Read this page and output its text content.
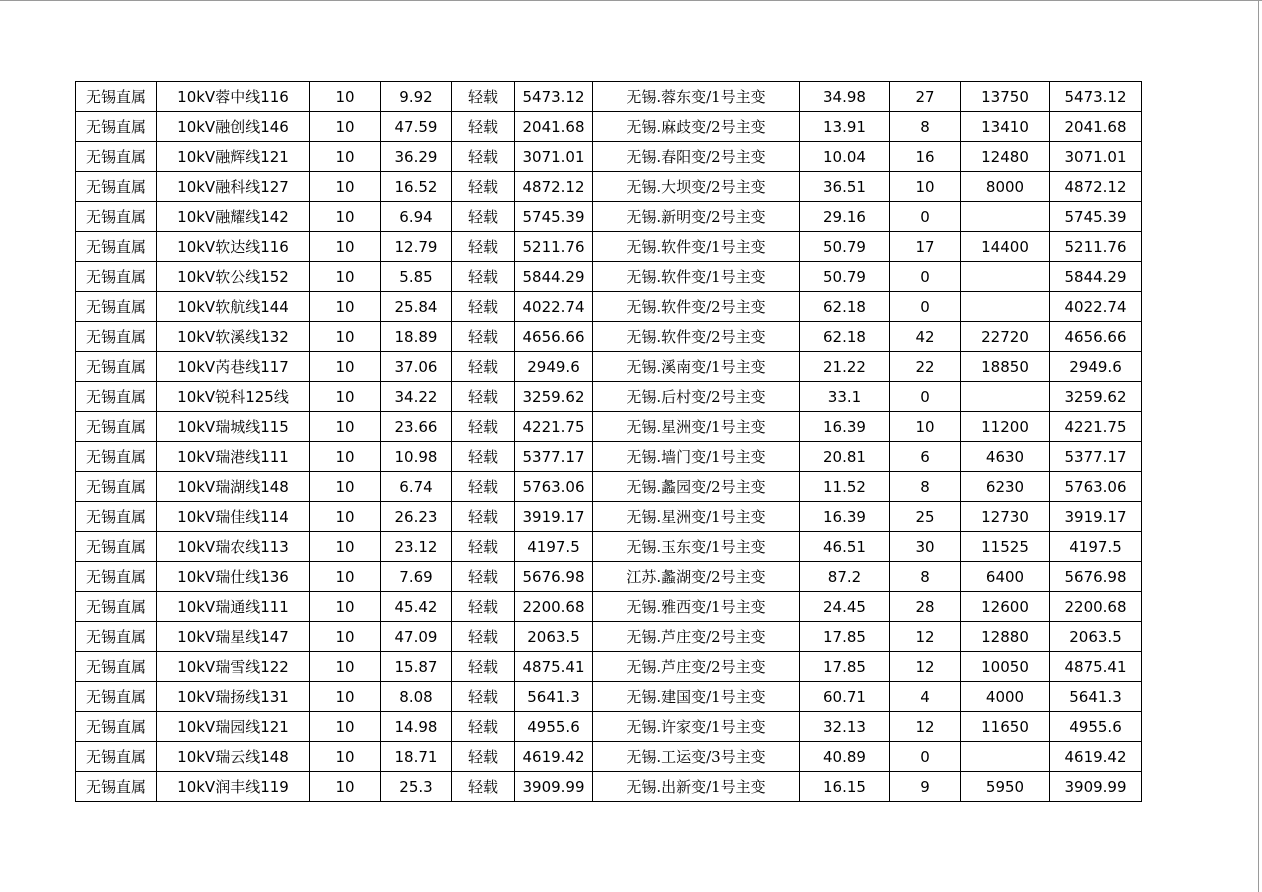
无锡直属	10kV蓉中线116	10	9.92	轻载	5473.12	无锡.蓉东变/1号主变	34.98	27	13750	5473.12
无锡直属	10kV融创线146	10	47.59	轻载	2041.68	无锡.麻歧变/2号主变	13.91	8	13410	2041.68
无锡直属	10kV融辉线121	10	36.29	轻载	3071.01	无锡.春阳变/2号主变	10.04	16	12480	3071.01
无锡直属	10kV融科线127	10	16.52	轻载	4872.12	无锡.大坝变/2号主变	36.51	10	8000	4872.12
无锡直属	10kV融耀线142	10	6.94	轻载	5745.39	无锡.新明变/2号主变	29.16	0		5745.39
无锡直属	10kV软达线116	10	12.79	轻载	5211.76	无锡.软件变/1号主变	50.79	17	14400	5211.76
无锡直属	10kV软公线152	10	5.85	轻载	5844.29	无锡.软件变/1号主变	50.79	0		5844.29
无锡直属	10kV软航线144	10	25.84	轻载	4022.74	无锡.软件变/2号主变	62.18	0		4022.74
无锡直属	10kV软溪线132	10	18.89	轻载	4656.66	无锡.软件变/2号主变	62.18	42	22720	4656.66
无锡直属	10kV芮巷线117	10	37.06	轻载	2949.6	无锡.溪南变/1号主变	21.22	22	18850	2949.6
无锡直属	10kV锐科125线	10	34.22	轻载	3259.62	无锡.后村变/2号主变	33.1	0		3259.62
无锡直属	10kV瑞城线115	10	23.66	轻载	4221.75	无锡.星洲变/1号主变	16.39	10	11200	4221.75
无锡直属	10kV瑞港线111	10	10.98	轻载	5377.17	无锡.墙门变/1号主变	20.81	6	4630	5377.17
无锡直属	10kV瑞湖线148	10	6.74	轻载	5763.06	无锡.蠡园变/2号主变	11.52	8	6230	5763.06
无锡直属	10kV瑞佳线114	10	26.23	轻载	3919.17	无锡.星洲变/1号主变	16.39	25	12730	3919.17
无锡直属	10kV瑞农线113	10	23.12	轻载	4197.5	无锡.玉东变/1号主变	46.51	30	11525	4197.5
无锡直属	10kV瑞仕线136	10	7.69	轻载	5676.98	江苏.蠡湖变/2号主变	87.2	8	6400	5676.98
无锡直属	10kV瑞通线111	10	45.42	轻载	2200.68	无锡.雅西变/1号主变	24.45	28	12600	2200.68
无锡直属	10kV瑞星线147	10	47.09	轻载	2063.5	无锡.芦庄变/2号主变	17.85	12	12880	2063.5
无锡直属	10kV瑞雪线122	10	15.87	轻载	4875.41	无锡.芦庄变/2号主变	17.85	12	10050	4875.41
无锡直属	10kV瑞扬线131	10	8.08	轻载	5641.3	无锡.建国变/1号主变	60.71	4	4000	5641.3
无锡直属	10kV瑞园线121	10	14.98	轻载	4955.6	无锡.许家变/1号主变	32.13	12	11650	4955.6
无锡直属	10kV瑞云线148	10	18.71	轻载	4619.42	无锡.工运变/3号主变	40.89	0		4619.42
无锡直属	10kV润丰线119	10	25.3	轻载	3909.99	无锡.出新变/1号主变	16.15	9	5950	3909.99
